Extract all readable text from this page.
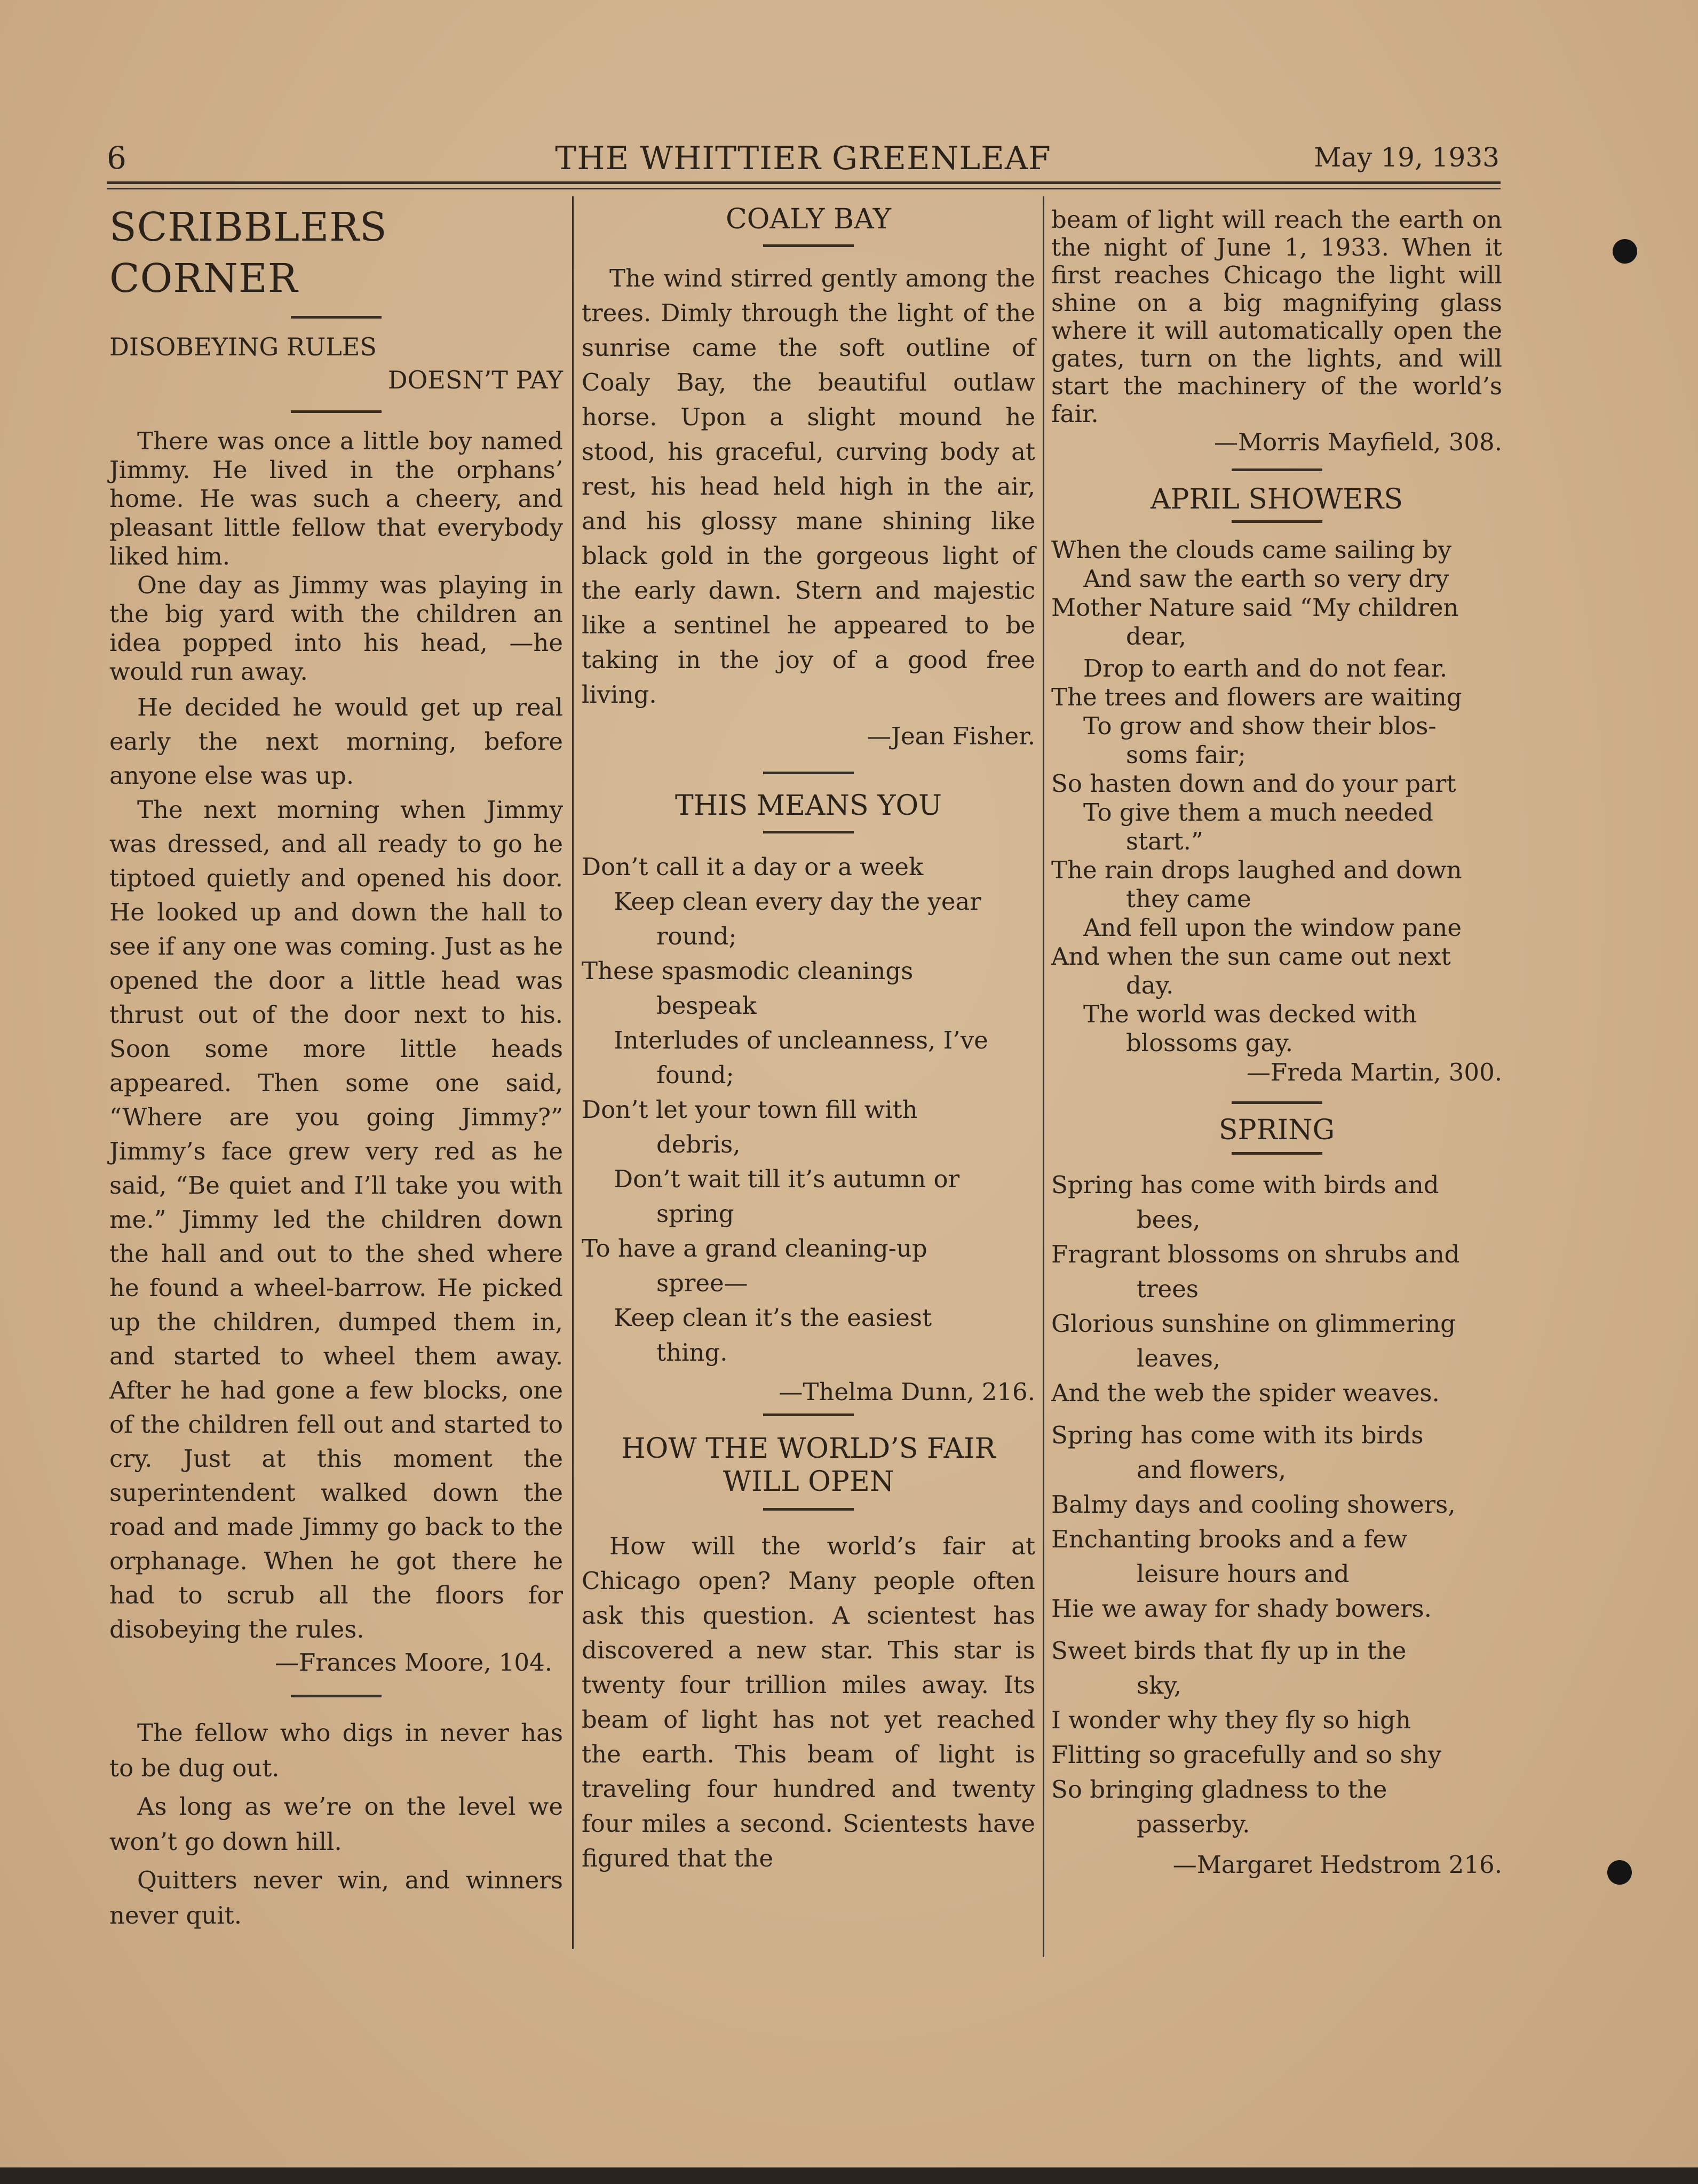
6	THE WHITTIER GREENLEAF	May 19, 1933
SCRIBBLERS CORNER
DISOBEYING RULES
DOESN’T PAY

There was once a little boy named Jimmy. He lived in the orphans’ home. He was such a cheery, and pleasant little fellow that everybody liked him.

One day as Jimmy was playing in the big yard with the children an idea popped into his head, —he would run away.

He decided he would get up real early the next morning, before anyone else was up.

The next morning when Jimmy was dressed, and all ready to go he tiptoed quietly and opened his door. He looked up and down the hall to see if any one was coming. Just as he opened the door a little head was thrust out of the door next to his. Soon some more little heads appeared. Then some one said, “Where are you going Jimmy?” Jimmy’s face grew very red as he said, “Be quiet and I’ll take you with me.” Jimmy led the children down the hall and out to the shed where he found a wheel-barrow. He picked up the children, dumped them in, and started to wheel them away. After he had gone a few blocks, one of the children fell out and started to cry. Just at this moment the superintendent walked down the road and made Jimmy go back to the orphanage. When he got there he had to scrub all the floors for disobeying the rules.

—Frances Moore, 104.

The fellow who digs in never has to be dug out.

As long as we’re on the level we won’t go down hill.

Quitters never win, and winners never quit.

COALY BAY

The wind stirred gently among the trees. Dimly through the light of the sunrise came the soft outline of Coaly Bay, the beautiful outlaw horse. Upon a slight mound he stood, his graceful, curving body at rest, his head held high in the air, and his glossy mane shining like black gold in the gorgeous light of the early dawn. Stern and majestic like a sentinel he appeared to be taking in the joy of a good free living.

—Jean Fisher.

THIS MEANS YOU
Don’t call it a day or a week
Keep clean every day the year
round;
These spasmodic cleanings
bespeak
Interludes of uncleanness, I’ve
found;
Don’t let your town fill with
debris,
Don’t wait till it’s autumn or
spring
To have a grand cleaning-up
spree—
Keep clean it’s the easiest
thing.

—Thelma Dunn, 216.

HOW THE WORLD’S FAIR
WILL OPEN

How will the world’s fair at Chicago open? Many people often ask this question. A scientest has discovered a new star. This star is twenty four trillion miles away. Its beam of light has not yet reached the earth. This beam of light is traveling four hundred and twenty four miles a second. Scientests have figured that the

beam of light will reach the earth on the night of June 1, 1933. When it first reaches Chicago the light will shine on a big magnifying glass where it will automatically open the gates, turn on the lights, and will start the machinery of the world’s fair.

—Morris Mayfield, 308.

APRIL SHOWERS
When the clouds came sailing by
And saw the earth so very dry
Mother Nature said “My children
dear,
Drop to earth and do not fear.
The trees and flowers are waiting
To grow and show their blos-
soms fair;
So hasten down and do your part
To give them a much needed
start.”
The rain drops laughed and down
they came
And fell upon the window pane
And when the sun came out next
day.
The world was decked with
blossoms gay.

—Freda Martin, 300.

SPRING
Spring has come with birds and
bees,
Fragrant blossoms on shrubs and
trees
Glorious sunshine on glimmering
leaves,
And the web the spider weaves.
Spring has come with its birds
and flowers,
Balmy days and cooling showers,
Enchanting brooks and a few
leisure hours and
Hie we away for shady bowers.
Sweet birds that fly up in the
sky,
I wonder why they fly so high
Flitting so gracefully and so shy
So bringing gladness to the
passerby.

—Margaret Hedstrom 216.
